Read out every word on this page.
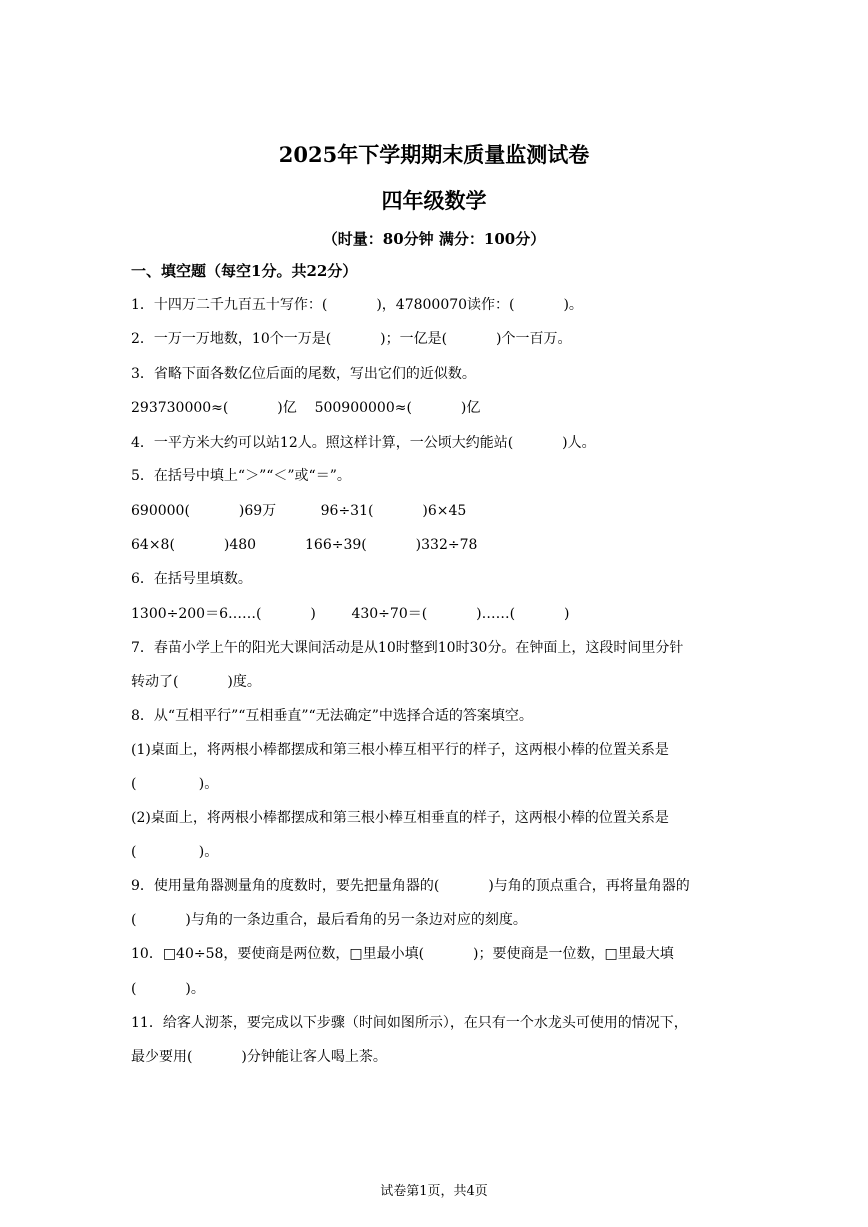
2025年下学期期末质量监测试卷
四年级数学
（时量：80分钟 满分：100分）
一、填空题（每空1分。共22分）
1．十四万二千九百五十写作：(           )，47800070读作：(           )。
2．一万一万地数，10个一万是(           )；一亿是(           )个一百万。
3．省略下面各数亿位后面的尾数，写出它们的近似数。
293730000≈(           )亿    500900000≈(           )亿
4．一平方米大约可以站12人。照这样计算，一公顷大约能站(           )人。
5．在括号中填上“＞”“＜”或“＝”。
690000(           )69万          96÷31(           )6×45
64×8(           )480           166÷39(           )332÷78
6．在括号里填数。
1300÷200＝6……(           )        430÷70＝(           )……(           )
7．春苗小学上午的阳光大课间活动是从10时整到10时30分。在钟面上，这段时间里分针
转动了(           )度。
8．从“互相平行”“互相垂直”“无法确定”中选择合适的答案填空。
(1)桌面上，将两根小棒都摆成和第三根小棒互相平行的样子，这两根小棒的位置关系是
(              )。
(2)桌面上，将两根小棒都摆成和第三根小棒互相垂直的样子，这两根小棒的位置关系是
(              )。
9．使用量角器测量角的度数时，要先把量角器的(           )与角的顶点重合，再将量角器的
(           )与角的一条边重合，最后看角的另一条边对应的刻度。
10．□40÷58，要使商是两位数，□里最小填(           )；要使商是一位数，□里最大填
(           )。
11．给客人沏茶，要完成以下步骤（时间如图所示），在只有一个水龙头可使用的情况下，
最少要用(           )分钟能让客人喝上茶。
试卷第1页，共4页
